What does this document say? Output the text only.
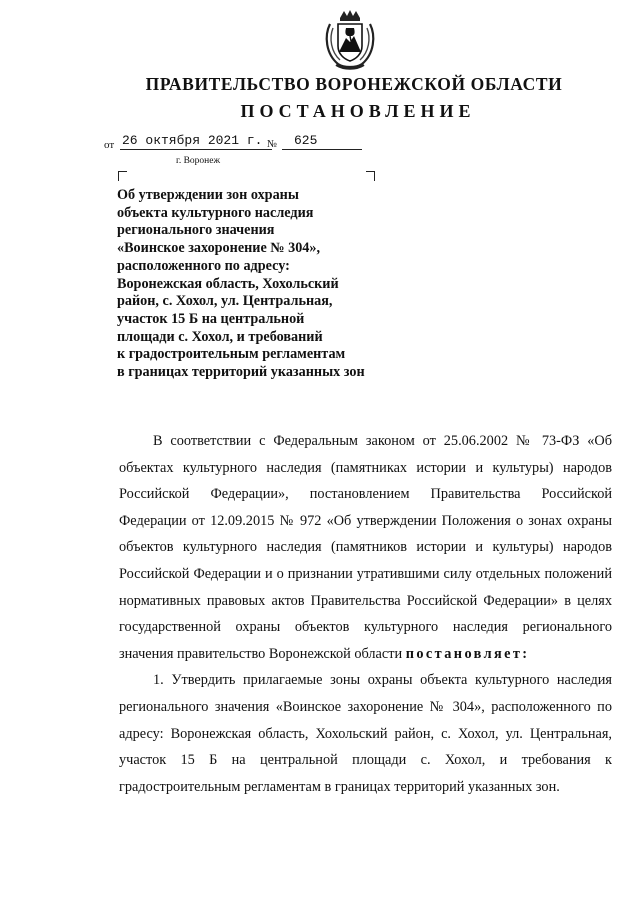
ПРАВИТЕЛЬСТВО ВОРОНЕЖСКОЙ ОБЛАСТИ
ПОСТАНОВЛЕНИЕ
от 26 октября 2021 г. №	625
г. Воронеж
Об утверждении зон охраны
объекта культурного наследия
регионального значения
«Воинское захоронение № 304»,
расположенного по адресу:
Воронежская область, Хохольский
район, с. Хохол, ул. Центральная,
участок 15 Б на центральной
площади с. Хохол, и требований
к градостроительным регламентам
в границах территорий указанных зон
В соответствии с Федеральным законом от 25.06.2002 № 73-ФЗ «Об
объектах культурного наследия (памятниках истории и культуры) народов
Российской Федерации», постановлением Правительства Российской
Федерации от 12.09.2015 № 972 «Об утверждении Положения о зонах охраны
объектов культурного наследия (памятников истории и культуры) народов
Российской Федерации и о признании утратившими силу отдельных положений
нормативных правовых актов Правительства Российской Федерации» в целях
государственной охраны объектов культурного наследия регионального
значения правительство Воронежской области постановляет:
1. Утвердить прилагаемые зоны охраны объекта культурного наследия
регионального значения «Воинское захоронение № 304», расположенного по
адресу: Воронежская область, Хохольский район, с. Хохол, ул. Центральная,
участок 15 Б на центральной площади с. Хохол, и требования к
градостроительным регламентам в границах территорий указанных зон.
